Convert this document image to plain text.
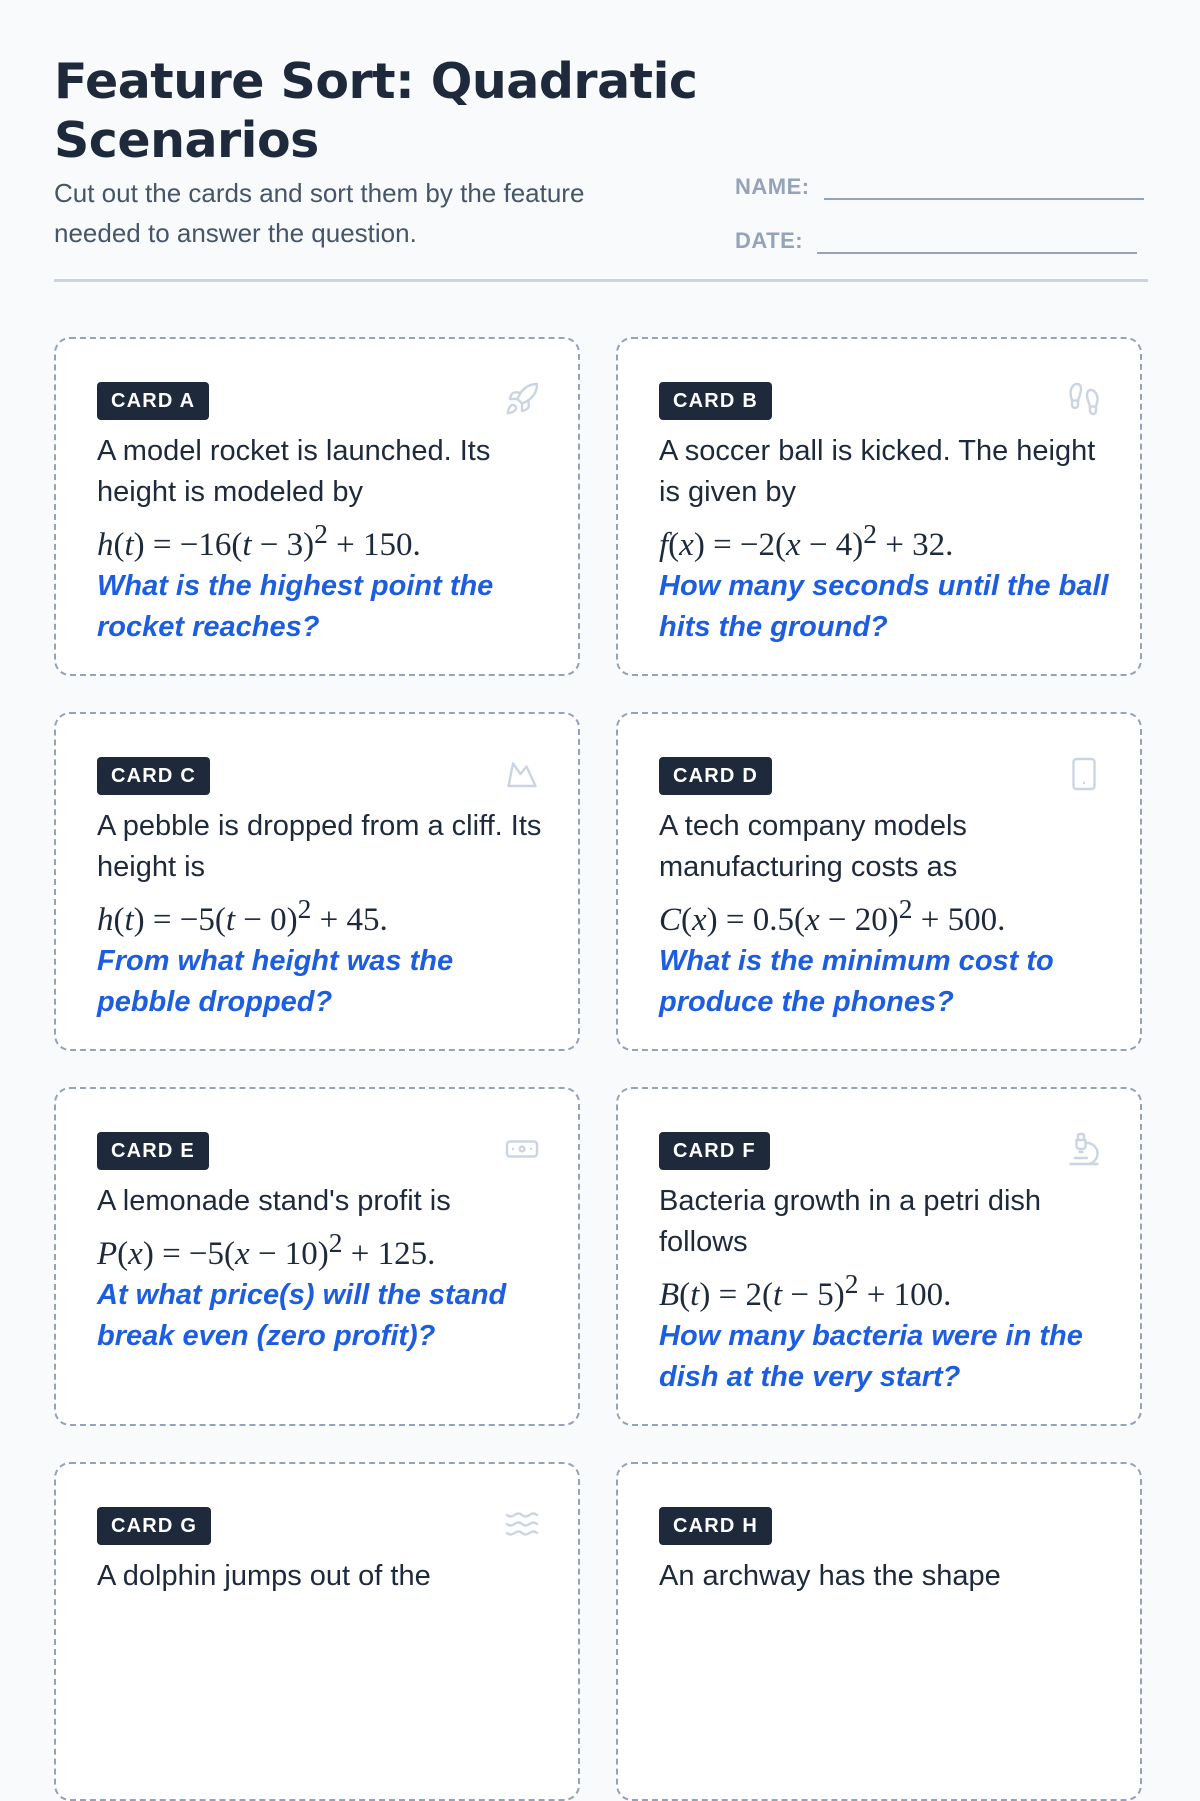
Feature Sort: Quadratic Scenarios

Cut out the cards and sort them by the feature needed to answer the question.

NAME:
DATE:
CARD A
A model rocket is launched. Its height is modeled by
$h(t) = -16(t - 3)^2 + 150$.
What is the highest point the rocket reaches?
CARD B
A soccer ball is kicked. The height is given by
$f(x) = -2(x - 4)^2 + 32$.
How many seconds until the ball hits the ground?
CARD C
A pebble is dropped from a cliff. Its height is
$h(t) = -5(t - 0)^2 + 45$.
From what height was the pebble dropped?
CARD D
A tech company models manufacturing costs as
$C(x) = 0.5(x - 20)^2 + 500$.
What is the minimum cost to produce the phones?
CARD E
A lemonade stand's profit is
$P(x) = -5(x - 10)^2 + 125$.
At what price(s) will the stand break even (zero profit)?
CARD F
Bacteria growth in a petri dish follows
$B(t) = 2(t - 5)^2 + 100$.
How many bacteria were in the dish at the very start?
CARD G
A dolphin jumps out of the
CARD H
An archway has the shape
